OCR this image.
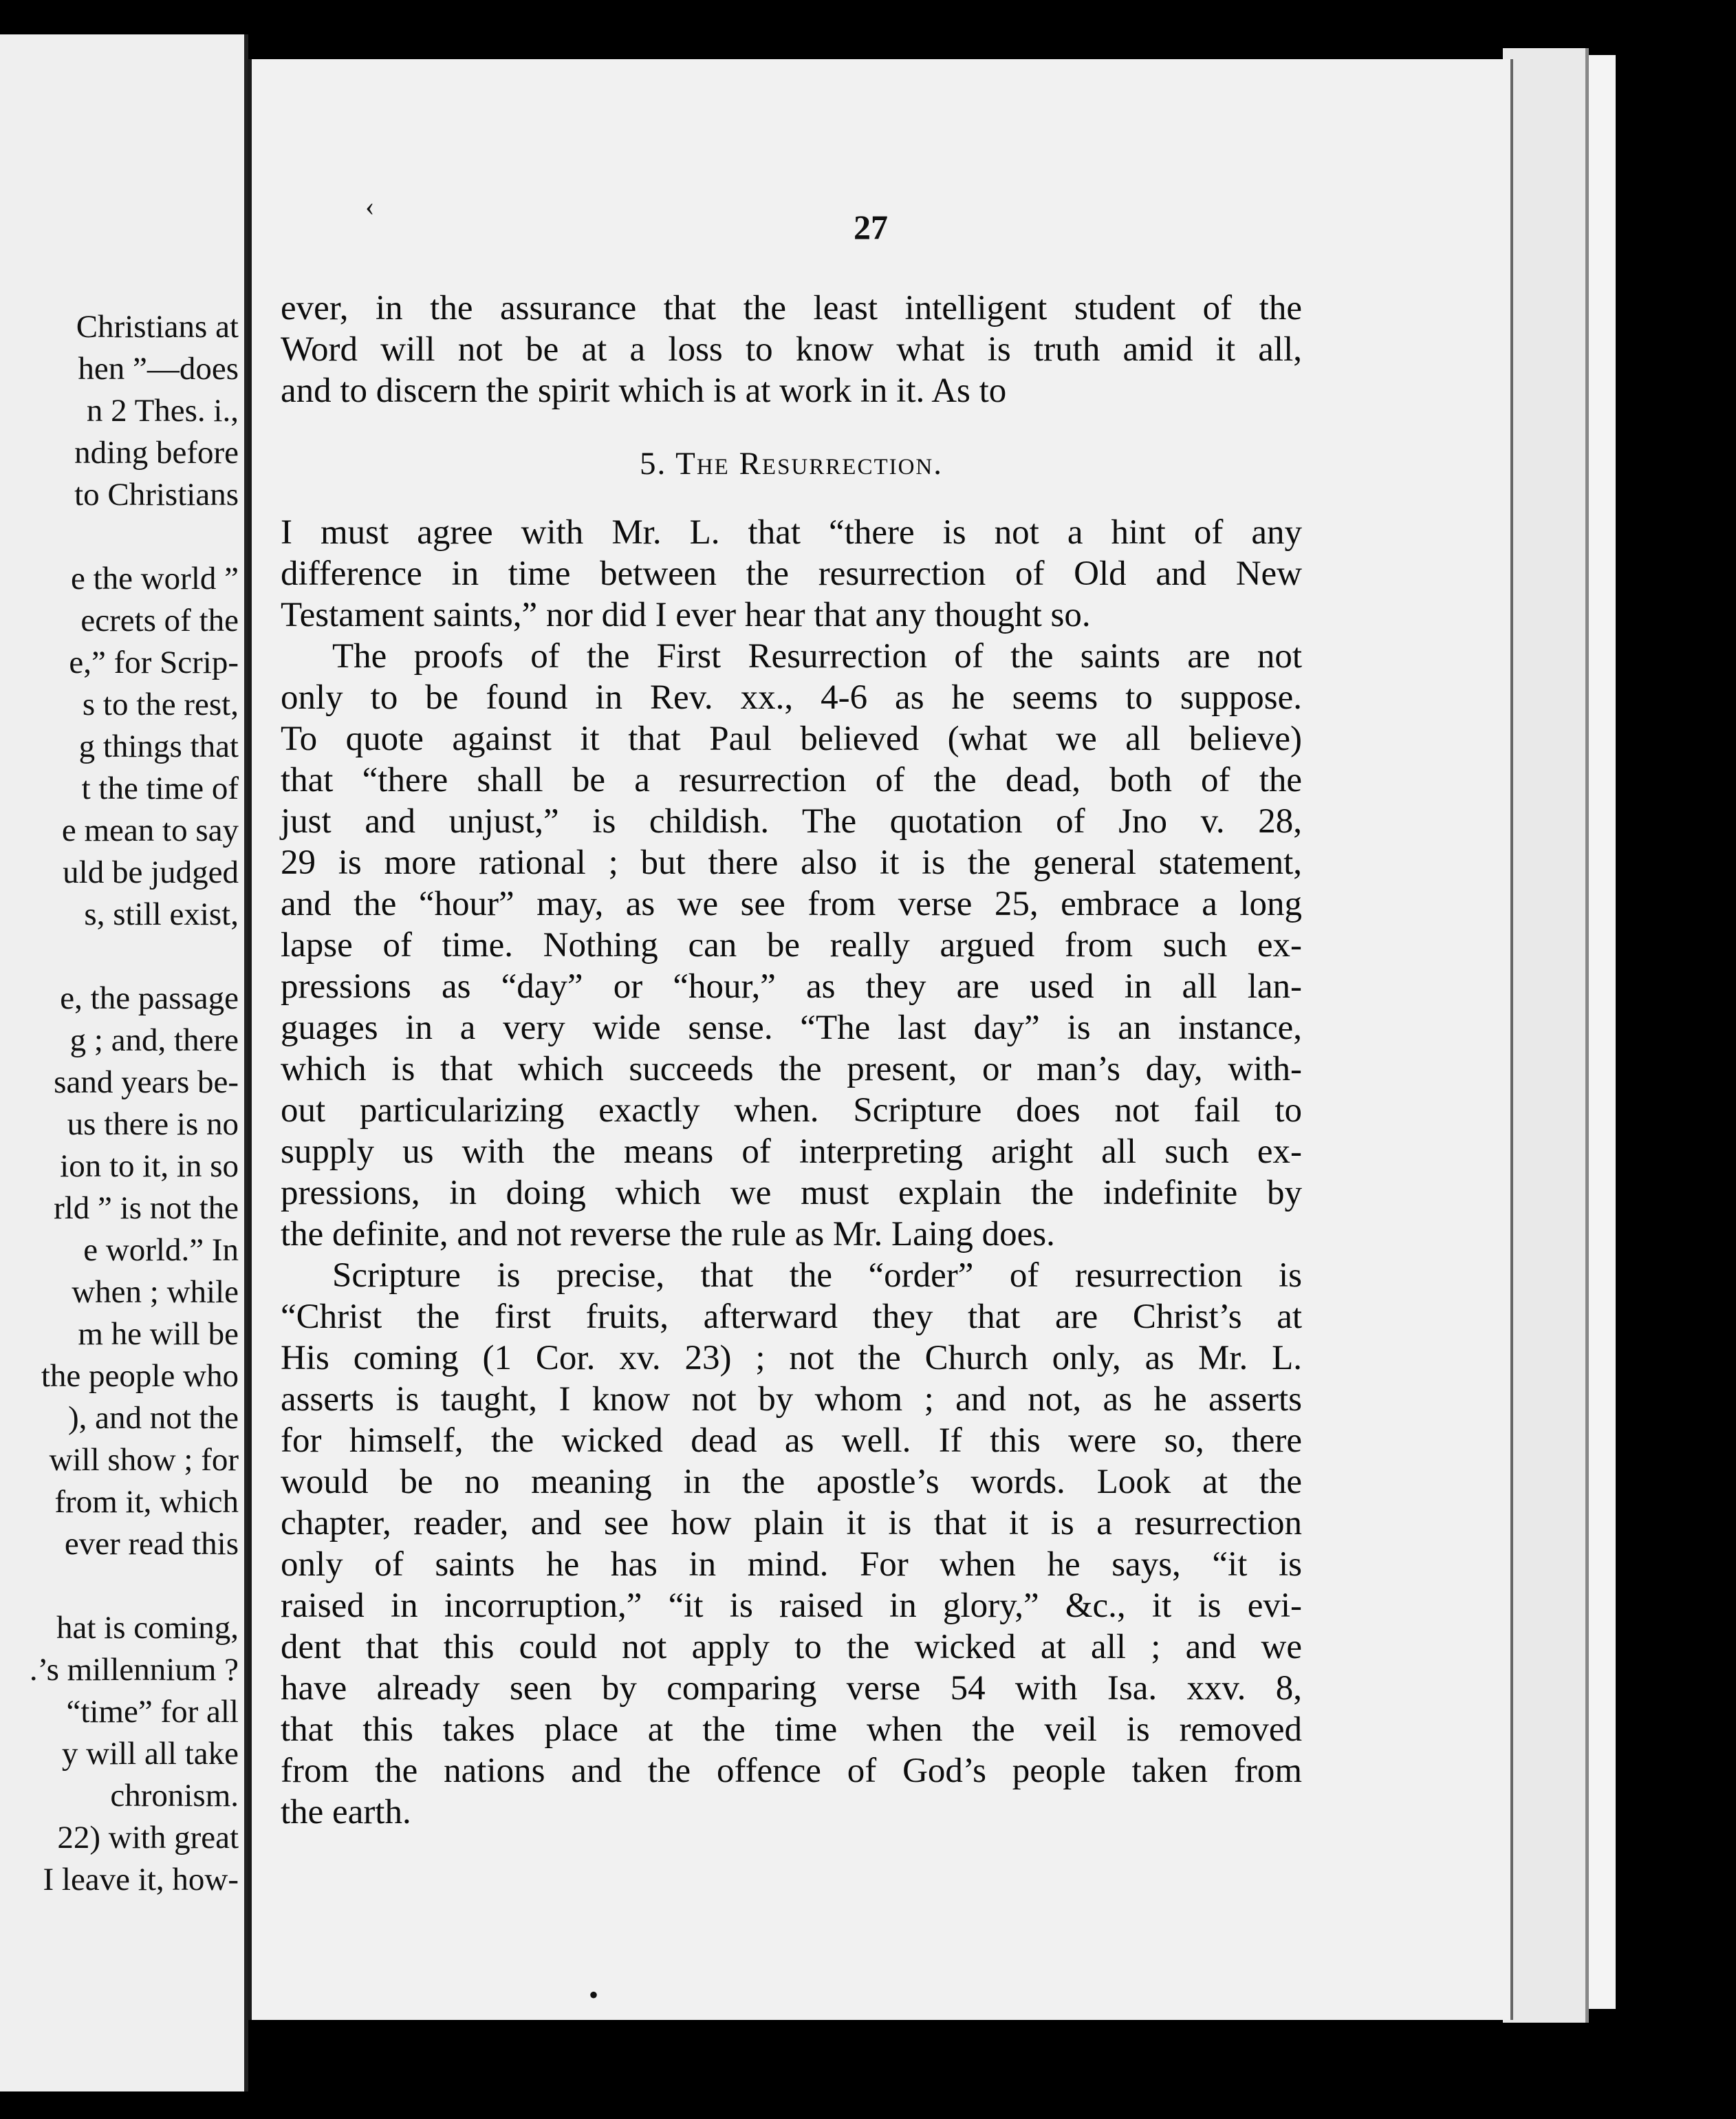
Christians at
hen ”—does
n 2 Thes. i.,
nding before
to Christians
e the world ”
ecrets of the
e,” for Scrip-
s to the rest,
g things that
t the time of
e mean to say
uld be judged
s, still exist,
e, the passage
g ; and, there
sand years be-
us there is no
ion to it, in so
rld ” is not the
e world.” In
when ; while
m he will be
the people who
), and not the
will show ; for
from it, which
ever read this
hat is coming,
.’s millennium ?
“time” for all
y will all take
chronism.
22) with great
I leave it, how-
‹
27
ever, in the assurance that the least intelligent student of the
Word will not be at a loss to know what is truth amid it all,
and to discern the spirit which is at work in it. As to
5. The Resurrection.
I must agree with Mr. L. that “there is not a hint of any
difference in time between the resurrection of Old and New
Testament saints,” nor did I ever hear that any thought so.
The proofs of the First Resurrection of the saints are not
only to be found in Rev. xx., 4-6 as he seems to suppose.
To quote against it that Paul believed (what we all believe)
that “there shall be a resurrection of the dead, both of the
just and unjust,” is childish. The quotation of Jno v. 28,
29 is more rational ; but there also it is the general statement,
and the “hour” may, as we see from verse 25, embrace a long
lapse of time. Nothing can be really argued from such ex-
pressions as “day” or “hour,” as they are used in all lan-
guages in a very wide sense. “The last day” is an instance,
which is that which succeeds the present, or man’s day, with-
out particularizing exactly when. Scripture does not fail to
supply us with the means of interpreting aright all such ex-
pressions, in doing which we must explain the indefinite by
the definite, and not reverse the rule as Mr. Laing does.
Scripture is precise, that the “order” of resurrection is
“Christ the first fruits, afterward they that are Christ’s at
His coming (1 Cor. xv. 23) ; not the Church only, as Mr. L.
asserts is taught, I know not by whom ; and not, as he asserts
for himself, the wicked dead as well. If this were so, there
would be no meaning in the apostle’s words. Look at the
chapter, reader, and see how plain it is that it is a resurrection
only of saints he has in mind. For when he says, “it is
raised in incorruption,” “it is raised in glory,” &c., it is evi-
dent that this could not apply to the wicked at all ; and we
have already seen by comparing verse 54 with Isa. xxv. 8,
that this takes place at the time when the veil is removed
from the nations and the offence of God’s people taken from
the earth.
•
